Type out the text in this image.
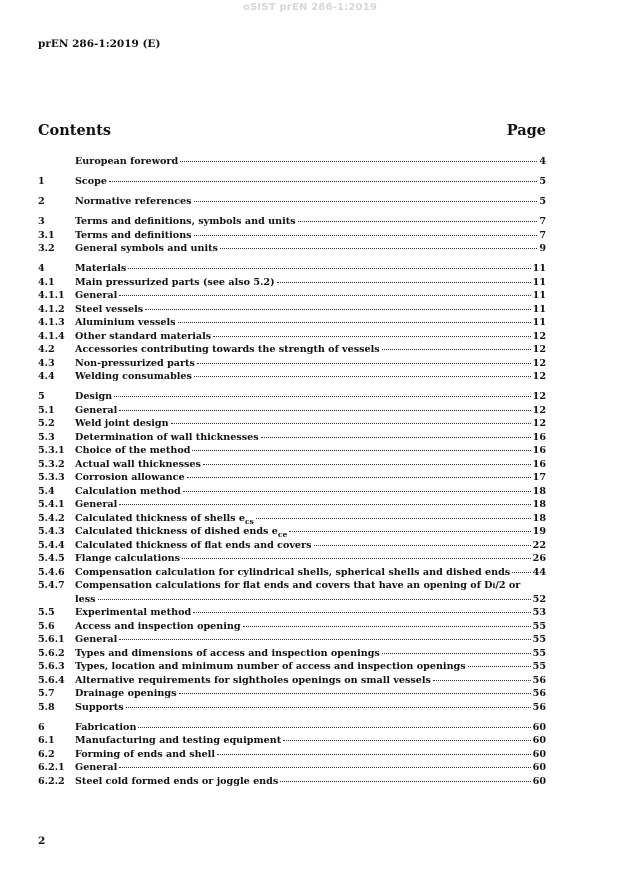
oSIST prEN 286-1:2019
prEN 286-1:2019 (E)
Contents	Page
European foreword	4
1	Scope	5
2	Normative references	5
3	Terms and definitions, symbols and units	7
3.1	Terms and definitions	7
3.2	General symbols and units	9
4	Materials	11
4.1	Main pressurized parts (see also 5.2)	11
4.1.1	General	11
4.1.2	Steel vessels	11
4.1.3	Aluminium vessels	11
4.1.4	Other standard materials	12
4.2	Accessories contributing towards the strength of vessels	12
4.3	Non-pressurized parts	12
4.4	Welding consumables	12
5	Design	12
5.1	General	12
5.2	Weld joint design	12
5.3	Determination of wall thicknesses	16
5.3.1	Choice of the method	16
5.3.2	Actual wall thicknesses	16
5.3.3	Corrosion allowance	17
5.4	Calculation method	18
5.4.1	General	18
5.4.2	Calculated thickness of shells $e_{cs}$	18
5.4.3	Calculated thickness of dished ends $e_{ce}$	19
5.4.4	Calculated thickness of flat ends and covers	22
5.4.5	Flange calculations	26
5.4.6	Compensation calculation for cylindrical shells, spherical shells and dished ends 44
5.4.7	Compensation calculations for flat ends and covers that have an opening of D i /2 or
less	52
5.5	Experimental method	53
5.6	Access and inspection opening	55
5.6.1	General	55
5.6.2	Types and dimensions of access and inspection openings	55
5.6.3	Types, location and minimum number of access and inspection openings	55
5.6.4	Alternative requirements for sightholes openings on small vessels	56
5.7	Drainage openings	56
5.8	Supports	56
6	Fabrication	60
6.1	Manufacturing and testing equipment	60
6.2	Forming of ends and shell	60
6.2.1	General	60
6.2.2	Steel cold formed ends or joggle ends	60
2
